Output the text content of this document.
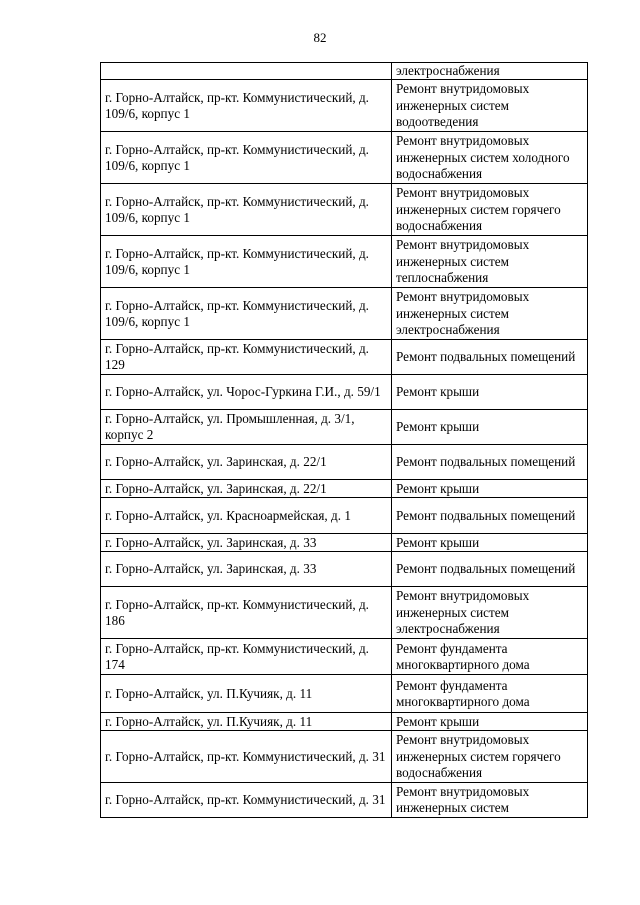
82
	электроснабжения
г. Горно-Алтайск, пр-кт. Коммунистический, д. 109/6, корпус 1	Ремонт внутридомовых инженерных систем водоотведения
г. Горно-Алтайск, пр-кт. Коммунистический, д. 109/6, корпус 1	Ремонт внутридомовых инженерных систем холодного водоснабжения
г. Горно-Алтайск, пр-кт. Коммунистический, д. 109/6, корпус 1	Ремонт внутридомовых инженерных систем горячего водоснабжения
г. Горно-Алтайск, пр-кт. Коммунистический, д. 109/6, корпус 1	Ремонт внутридомовых инженерных систем теплоснабжения
г. Горно-Алтайск, пр-кт. Коммунистический, д. 109/6, корпус 1	Ремонт внутридомовых инженерных систем электроснабжения
г. Горно-Алтайск, пр-кт. Коммунистический, д. 129	Ремонт подвальных помещений
г. Горно-Алтайск, ул. Чорос-Гуркина Г.И., д. 59/1	Ремонт крыши
г. Горно-Алтайск, ул. Промышленная, д. 3/1, корпус 2	Ремонт крыши
г. Горно-Алтайск, ул. Заринская, д. 22/1	Ремонт подвальных помещений
г. Горно-Алтайск, ул. Заринская, д. 22/1	Ремонт крыши
г. Горно-Алтайск, ул. Красноармейская, д. 1	Ремонт подвальных помещений
г. Горно-Алтайск, ул. Заринская, д. 33	Ремонт крыши
г. Горно-Алтайск, ул. Заринская, д. 33	Ремонт подвальных помещений
г. Горно-Алтайск, пр-кт. Коммунистический, д. 186	Ремонт внутридомовых инженерных систем электроснабжения
г. Горно-Алтайск, пр-кт. Коммунистический, д. 174	Ремонт фундамента многоквартирного дома
г. Горно-Алтайск, ул. П.Кучияк, д. 11	Ремонт фундамента многоквартирного дома
г. Горно-Алтайск, ул. П.Кучияк, д. 11	Ремонт крыши
г. Горно-Алтайск, пр-кт. Коммунистический, д. 31	Ремонт внутридомовых инженерных систем горячего водоснабжения
г. Горно-Алтайск, пр-кт. Коммунистический, д. 31	Ремонт внутридомовых инженерных систем
